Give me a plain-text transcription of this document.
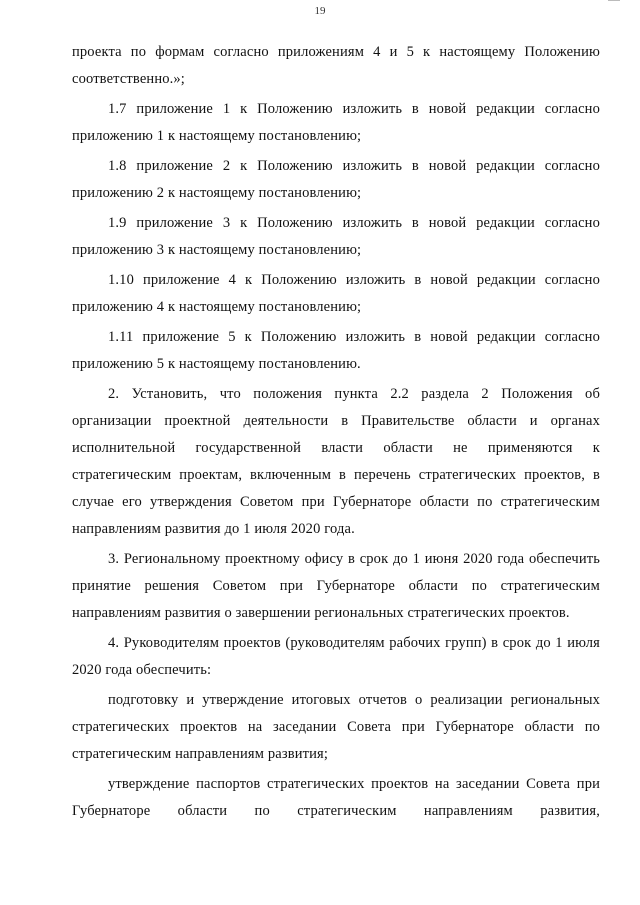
19

проекта по формам согласно приложениям 4 и 5 к настоящему Положению соответственно.»;

1.7 приложение 1 к Положению изложить в новой редакции согласно приложению 1 к настоящему постановлению;

1.8 приложение 2 к Положению изложить в новой редакции согласно приложению 2 к настоящему постановлению;

1.9 приложение 3 к Положению изложить в новой редакции согласно приложению 3 к настоящему постановлению;

1.10 приложение 4 к Положению изложить в новой редакции согласно приложению 4 к настоящему постановлению;

1.11 приложение 5 к Положению изложить в новой редакции согласно приложению 5 к настоящему постановлению.

2. Установить, что положения пункта 2.2 раздела 2 Положения об организации проектной деятельности в Правительстве области и органах исполнительной государственной власти области не применяются к стратегическим проектам, включенным в перечень стратегических проектов, в случае его утверждения Советом при Губернаторе области по стратегическим направлениям развития до 1 июля 2020 года.

3. Региональному проектному офису в срок до 1 июня 2020 года обеспечить принятие решения Советом при Губернаторе области по стратегическим направлениям развития о завершении региональных стратегических проектов.

4. Руководителям проектов (руководителям рабочих групп) в срок до 1 июля 2020 года обеспечить:

подготовку и утверждение итоговых отчетов о реализации региональных стратегических проектов на заседании Совета при Губернаторе области по стратегическим направлениям развития;

утверждение паспортов стратегических проектов на заседании Совета при Губернаторе области по стратегическим направлениям развития,
